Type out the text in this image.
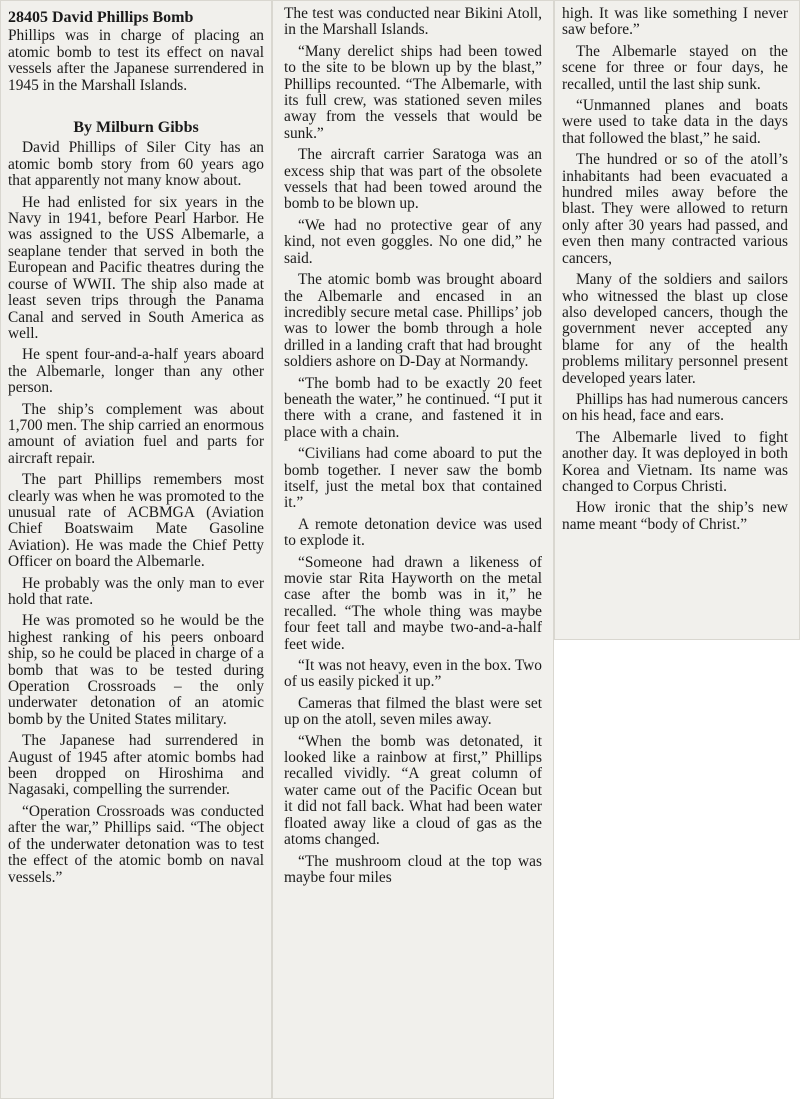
28405 David Phillips Bomb

Phillips was in charge of placing an atomic bomb to test its effect on naval vessels after the Japanese surrendered in 1945 in the Marshall Islands.

By Milburn Gibbs

David Phillips of Siler City has an atomic bomb story from 60 years ago that apparently not many know about.

He had enlisted for six years in the Navy in 1941, before Pearl Harbor. He was assigned to the USS Albemarle, a seaplane tender that served in both the European and Pacific theatres during the course of WWII. The ship also made at least seven trips through the Panama Canal and served in South America as well.

He spent four-and-a-half years aboard the Albemarle, longer than any other person.

The ship’s complement was about 1,700 men. The ship carried an enormous amount of aviation fuel and parts for aircraft repair.

The part Phillips remembers most clearly was when he was promoted to the unusual rate of ACBMGA (Aviation Chief Boatswaim Mate Gasoline Aviation). He was made the Chief Petty Officer on board the Albemarle.

He probably was the only man to ever hold that rate.

He was promoted so he would be the highest ranking of his peers onboard ship, so he could be placed in charge of a bomb that was to be tested during Operation Crossroads – the only underwater detonation of an atomic bomb by the United States military.

The Japanese had surrendered in August of 1945 after atomic bombs had been dropped on Hiroshima and Nagasaki, compelling the surrender.

“Operation Crossroads was conducted after the war,” Phillips said. “The object of the underwater detonation was to test the effect of the atomic bomb on naval vessels.”

The test was conducted near Bikini Atoll, in the Marshall Islands.

“Many derelict ships had been towed to the site to be blown up by the blast,” Phillips recounted. “The Albemarle, with its full crew, was stationed seven miles away from the vessels that would be sunk.”

The aircraft carrier Saratoga was an excess ship that was part of the obsolete vessels that had been towed around the bomb to be blown up.

“We had no protective gear of any kind, not even goggles. No one did,” he said.

The atomic bomb was brought aboard the Albemarle and encased in an incredibly secure metal case. Phillips’ job was to lower the bomb through a hole drilled in a landing craft that had brought soldiers ashore on D-Day at Normandy.

“The bomb had to be exactly 20 feet beneath the water,” he continued. “I put it there with a crane, and fastened it in place with a chain.

“Civilians had come aboard to put the bomb together. I never saw the bomb itself, just the metal box that contained it.”

A remote detonation device was used to explode it.

“Someone had drawn a likeness of movie star Rita Hayworth on the metal case after the bomb was in it,” he recalled. “The whole thing was maybe four feet tall and maybe two-and-a-half feet wide.

“It was not heavy, even in the box. Two of us easily picked it up.”

Cameras that filmed the blast were set up on the atoll, seven miles away.

“When the bomb was detonated, it looked like a rainbow at first,” Phillips recalled vividly. “A great column of water came out of the Pacific Ocean but it did not fall back. What had been water floated away like a cloud of gas as the atoms changed.

“The mushroom cloud at the top was maybe four miles

high. It was like something I never saw before.”

The Albemarle stayed on the scene for three or four days, he recalled, until the last ship sunk.

“Unmanned planes and boats were used to take data in the days that followed the blast,” he said.

The hundred or so of the atoll’s inhabitants had been evacuated a hundred miles away before the blast. They were allowed to return only after 30 years had passed, and even then many contracted various cancers,

Many of the soldiers and sailors who witnessed the blast up close also developed cancers, though the government never accepted any blame for any of the health problems military personnel present developed years later.

Phillips has had numerous cancers on his head, face and ears.

The Albemarle lived to fight another day. It was deployed in both Korea and Vietnam. Its name was changed to Corpus Christi.

How ironic that the ship’s new name meant “body of Christ.”
